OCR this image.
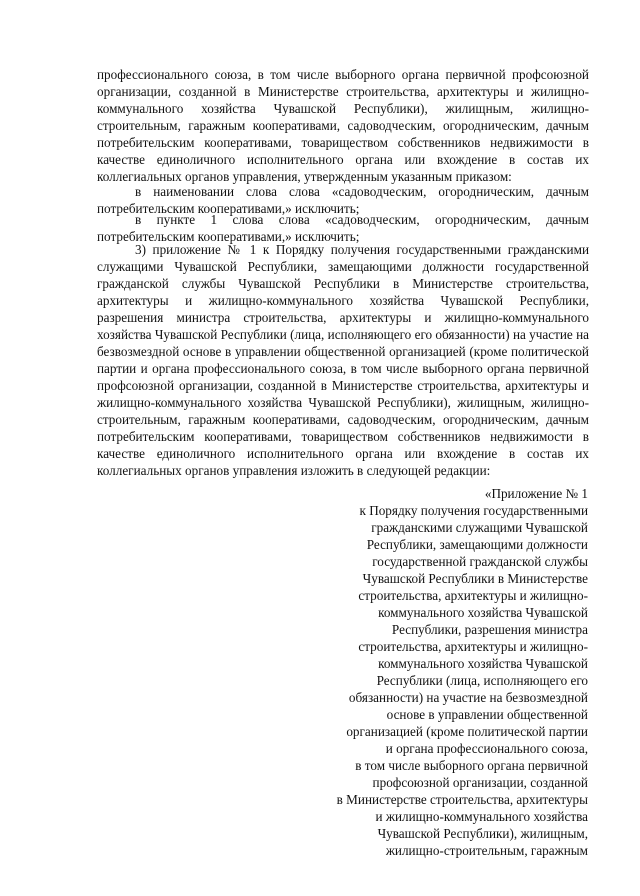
профессионального союза, в том числе выборного органа первичной профсоюзной организации, созданной в Министерстве строительства, архитектуры и жилищно-коммунального хозяйства Чувашской Республики), жилищным, жилищно-строительным, гаражным кооперативами, садоводческим, огородническим, дачным потребительским кооперативами, товариществом собственников недвижимости в качестве единоличного исполнительного органа или вхождение в состав их коллегиальных органов управления, утвержденным указанным приказом:

в наименовании слова слова «садоводческим, огородническим, дачным потребительским кооперативами,» исключить;

в пункте 1 слова слова «садоводческим, огородническим, дачным потребительским кооперативами,» исключить;

3) приложение № 1 к Порядку получения государственными гражданскими служащими Чувашской Республики, замещающими должности государственной гражданской службы Чувашской Республики в Министерстве строительства, архитектуры и жилищно-коммунального хозяйства Чувашской Республики, разрешения министра строительства, архитектуры и жилищно-коммунального хозяйства Чувашской Республики (лица, исполняющего его обязанности) на участие на безвозмездной основе в управлении общественной организацией (кроме политической партии и органа профессионального союза, в том числе выборного органа первичной профсоюзной организации, созданной в Министерстве строительства, архитектуры и жилищно-коммунального хозяйства Чувашской Республики), жилищным, жилищно-строительным, гаражным кооперативами, садоводческим, огородническим, дачным потребительским кооперативами, товариществом собственников недвижимости в качестве единоличного исполнительного органа или вхождение в состав их коллегиальных органов управления изложить в следующей редакции:

«Приложение № 1
к Порядку получения государственными
гражданскими служащими Чувашской
Республики, замещающими должности
государственной гражданской службы
Чувашской Республики в Министерстве
строительства, архитектуры и жилищно-
коммунального хозяйства Чувашской
Республики, разрешения министра
строительства, архитектуры и жилищно-
коммунального хозяйства Чувашской
Республики (лица, исполняющего его
обязанности) на участие на безвозмездной
основе в управлении общественной
организацией (кроме политической партии
и органа профессионального союза,
в том числе выборного органа первичной
профсоюзной организации, созданной
в Министерстве строительства, архитектуры
и жилищно-коммунального хозяйства
Чувашской Республики), жилищным,
жилищно-строительным, гаражным
